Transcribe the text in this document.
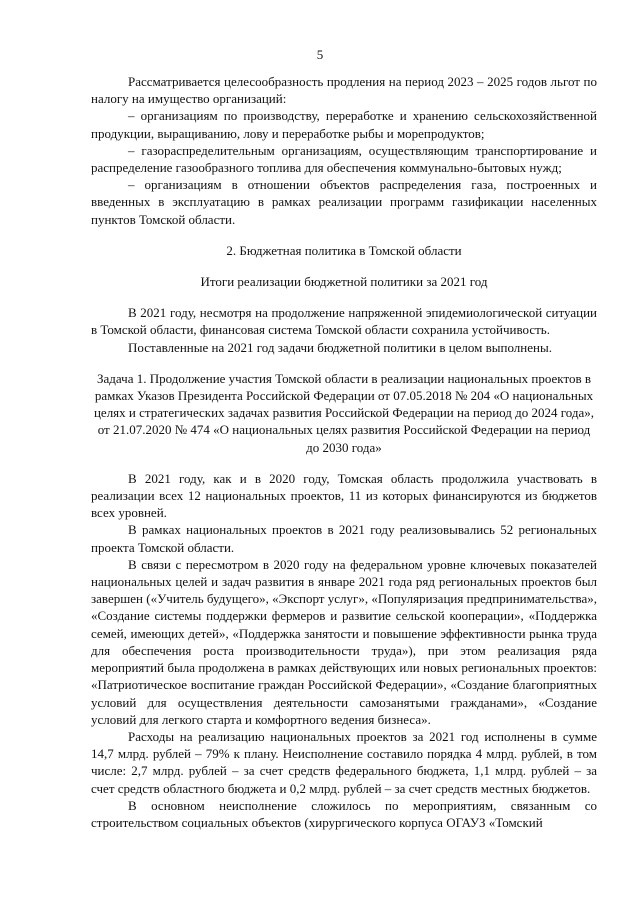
5

Рассматривается целесообразность продления на период 2023 – 2025 годов льгот по налогу на имущество организаций:

– организациям по производству, переработке и хранению сельскохозяйственной продукции, выращиванию, лову и переработке рыбы и морепродуктов;

– газораспределительным организациям, осуществляющим транспортирование и распределение газообразного топлива для обеспечения коммунально-бытовых нужд;

– организациям в отношении объектов распределения газа, построенных и введенных в эксплуатацию в рамках реализации программ газификации населенных пунктов Томской области.

2. Бюджетная политика в Томской области

Итоги реализации бюджетной политики за 2021 год

В 2021 году, несмотря на продолжение напряженной эпидемиологической ситуации в Томской области, финансовая система Томской области сохранила устойчивость.

Поставленные на 2021 год задачи бюджетной политики в целом выполнены.

Задача 1. Продолжение участия Томской области в реализации национальных проектов в рамках Указов Президента Российской Федерации от 07.05.2018 № 204 «О национальных целях и стратегических задачах развития Российской Федерации на период до 2024 года», от 21.07.2020 № 474 «О национальных целях развития Российской Федерации на период до 2030 года»

В 2021 году, как и в 2020 году, Томская область продолжила участвовать в реализации всех 12 национальных проектов, 11 из которых финансируются из бюджетов всех уровней.

В рамках национальных проектов в 2021 году реализовывались 52 региональных проекта Томской области.

В связи с пересмотром в 2020 году на федеральном уровне ключевых показателей национальных целей и задач развития в январе 2021 года ряд региональных проектов был завершен («Учитель будущего», «Экспорт услуг», «Популяризация предпринимательства», «Создание системы поддержки фермеров и развитие сельской кооперации», «Поддержка семей, имеющих детей», «Поддержка занятости и повышение эффективности рынка труда для обеспечения роста производительности труда»), при этом реализация ряда мероприятий была продолжена в рамках действующих или новых региональных проектов: «Патриотическое воспитание граждан Российской Федерации», «Создание благоприятных условий для осуществления деятельности самозанятыми гражданами», «Создание условий для легкого старта и комфортного ведения бизнеса».

Расходы на реализацию национальных проектов за 2021 год исполнены в сумме 14,7 млрд. рублей – 79% к плану. Неисполнение составило порядка 4 млрд. рублей, в том числе: 2,7 млрд. рублей – за счет средств федерального бюджета, 1,1 млрд. рублей – за счет средств областного бюджета и 0,2 млрд. рублей – за счет средств местных бюджетов.

В основном неисполнение сложилось по мероприятиям, связанным со строительством социальных объектов (хирургического корпуса ОГАУЗ «Томский
